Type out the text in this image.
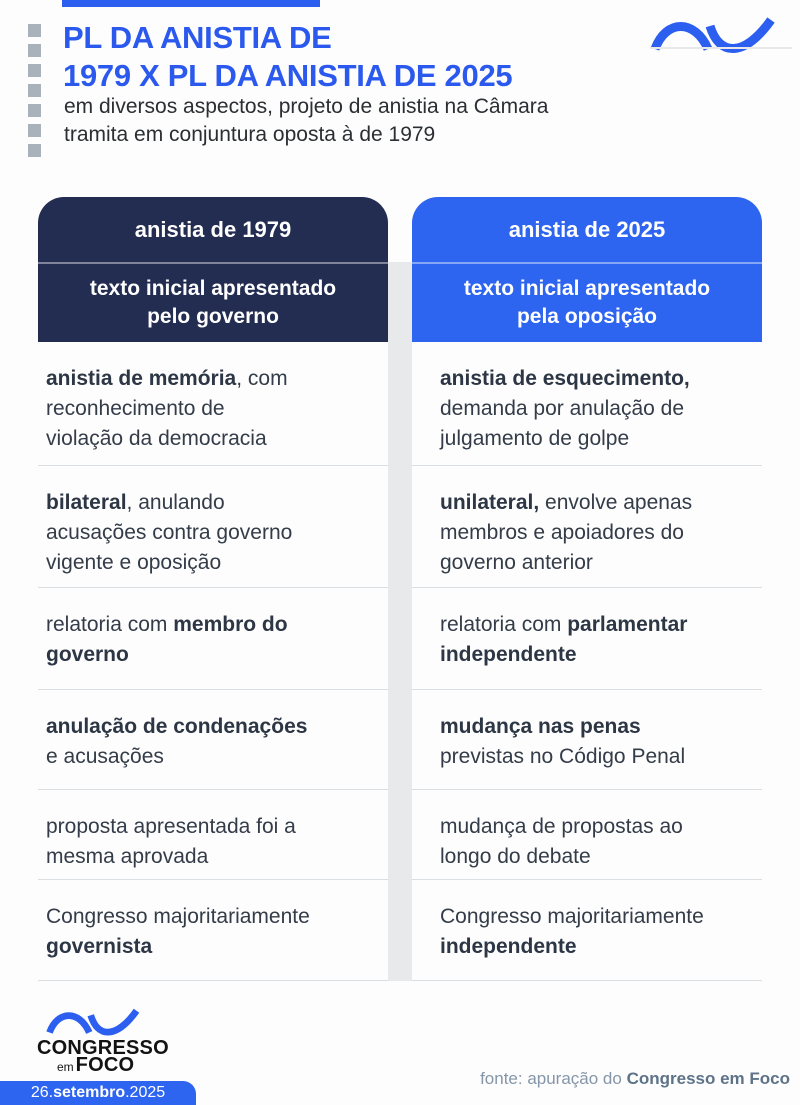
PL DA ANISTIA DE
1979 X PL DA ANISTIA DE 2025

em diversos aspectos, projeto de anistia na Câmara
tramita em conjuntura oposta à de 1979

anistia de 1979	anistia de 2025
texto inicial apresentado
pelo governo
texto inicial apresentado
pela oposição
anistia de memória, com
reconhecimento de
violação da democracia
anistia de esquecimento,
demanda por anulação de
julgamento de golpe
bilateral, anulando
acusações contra governo
vigente e oposição
unilateral, envolve apenas
membros e apoiadores do
governo anterior
relatoria com membro do
governo
relatoria com parlamentar
independente
anulação de condenações
e acusações
mudança nas penas
previstas no Código Penal
proposta apresentada foi a
mesma aprovada
mudança de propostas ao
longo do debate
Congresso majoritariamente
governista
Congresso majoritariamente
independente
CONGRESSO
em FOCO
26.setembro.2025
fonte: apuração do Congresso em Foco
